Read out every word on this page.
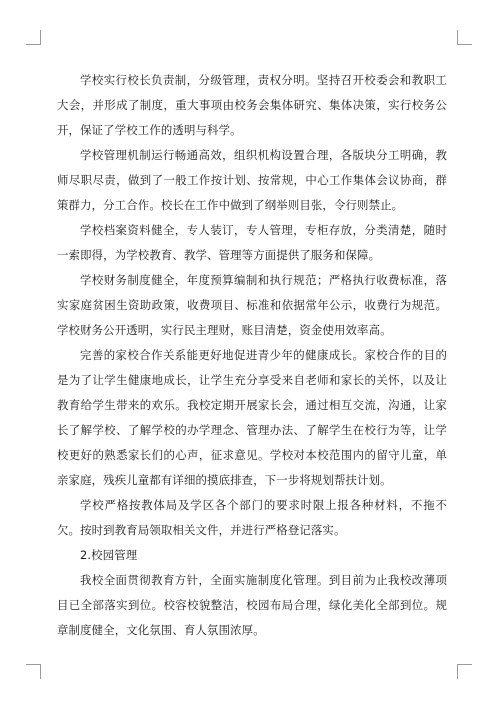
学校实行校长负责制，分级管理，责权分明。坚持召开校委会和教职工大会，并形成了制度，重大事项由校务会集体研究、集体决策，实行校务公开，保证了学校工作的透明与科学。

学校管理机制运行畅通高效，组织机构设置合理，各版块分工明确，教师尽职尽责，做到了一般工作按计划、按常规，中心工作集体会议协商，群策群力，分工合作。校长在工作中做到了纲举则目张，令行则禁止。

学校档案资料健全，专人装订，专人管理，专柜存放，分类清楚，随时一索即得，为学校教育、教学、管理等方面提供了服务和保障。

学校财务制度健全，年度预算编制和执行规范；严格执行收费标准，落实家庭贫困生资助政策，收费项目、标准和依据常年公示，收费行为规范。学校财务公开透明，实行民主理财，账目清楚，资金使用效率高。

完善的家校合作关系能更好地促进青少年的健康成长。家校合作的目的是为了让学生健康地成长，让学生充分享受来自老师和家长的关怀，以及让教育给学生带来的欢乐。我校定期开展家长会，通过相互交流，沟通，让家长了解学校、了解学校的办学理念、管理办法、了解学生在校行为等，让学校更好的熟悉家长们的心声，征求意见。学校对本校范围内的留守儿童，单亲家庭，残疾儿童都有详细的摸底排查，下一步将规划帮扶计划。

学校严格按教体局及学区各个部门的要求时限上报各种材料，不拖不欠。按时到教育局领取相关文件，并进行严格登记落实。

2.校园管理

我校全面贯彻教育方针，全面实施制度化管理。到目前为止我校改薄项目已全部落实到位。校容校貌整洁，校园布局合理，绿化美化全部到位。规章制度健全，文化氛围、育人氛围浓厚。
